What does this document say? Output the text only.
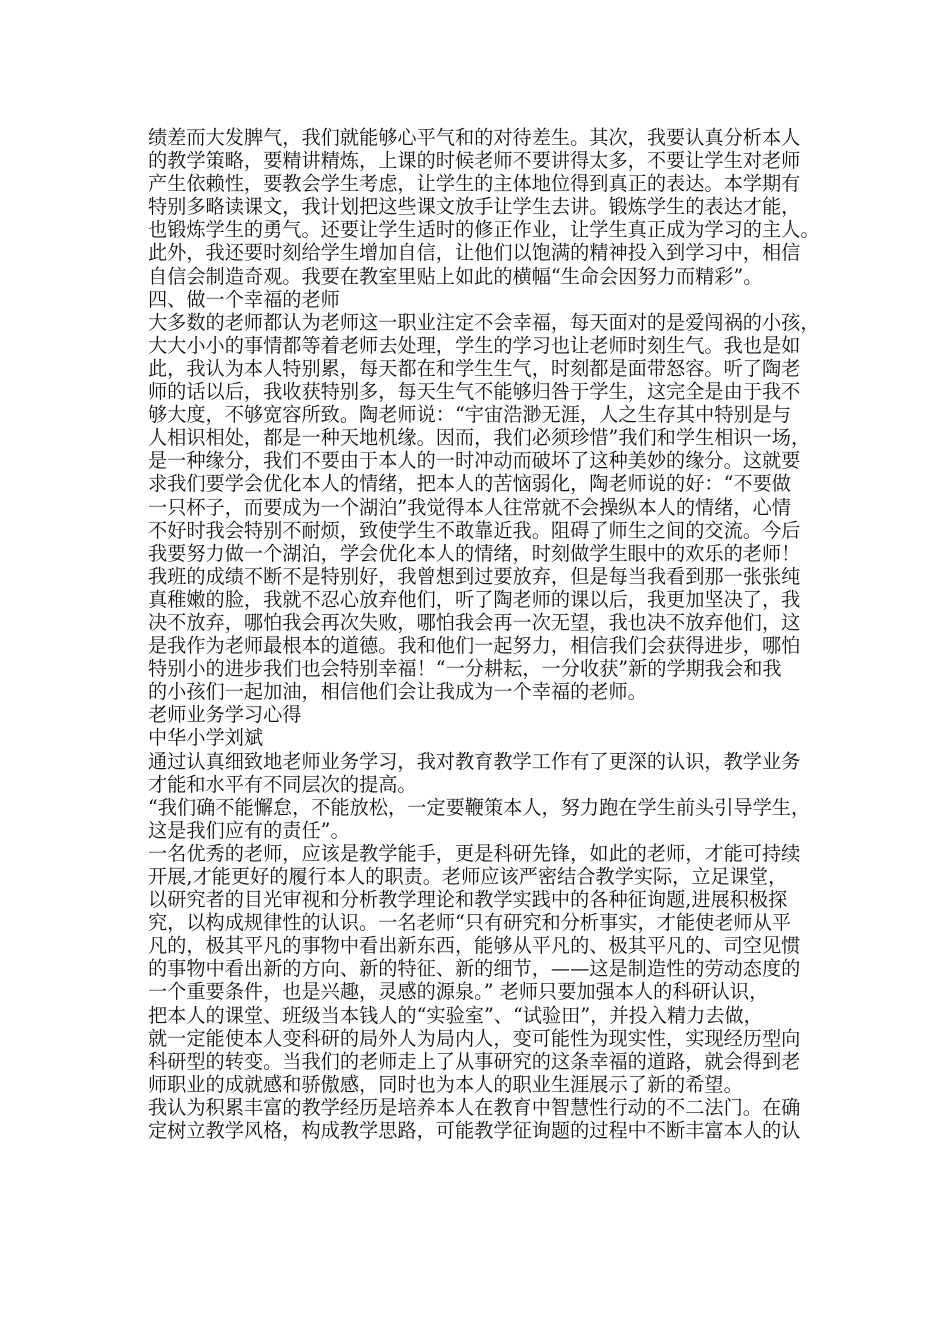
绩差而大发脾气，我们就能够心平气和的对待差生。其次，我要认真分析本人
的教学策略，要精讲精炼，上课的时候老师不要讲得太多，不要让学生对老师
产生依赖性，要教会学生考虑，让学生的主体地位得到真正的表达。本学期有
特别多略读课文，我计划把这些课文放手让学生去讲。锻炼学生的表达才能，
也锻炼学生的勇气。还要让学生适时的修正作业，让学生真正成为学习的主人。
此外，我还要时刻给学生增加自信，让他们以饱满的精神投入到学习中，相信
自信会制造奇观。我要在教室里贴上如此的横幅“生命会因努力而精彩”。
四、做一个幸福的老师
大多数的老师都认为老师这一职业注定不会幸福，每天面对的是爱闯祸的小孩，
大大小小的事情都等着老师去处理，学生的学习也让老师时刻生气。我也是如
此，我认为本人特别累，每天都在和学生生气，时刻都是面带怒容。听了陶老
师的话以后，我收获特别多，每天生气不能够归咎于学生，这完全是由于我不
够大度，不够宽容所致。陶老师说：“宇宙浩渺无涯，人之生存其中特别是与
人相识相处，都是一种天地机缘。因而，我们必须珍惜”我们和学生相识一场，
是一种缘分，我们不要由于本人的一时冲动而破坏了这种美妙的缘分。这就要
求我们要学会优化本人的情绪，把本人的苦恼弱化，陶老师说的好：“不要做
一只杯子，而要成为一个湖泊”我觉得本人往常就不会操纵本人的情绪，心情
不好时我会特别不耐烦，致使学生不敢靠近我。阻碍了师生之间的交流。今后
我要努力做一个湖泊，学会优化本人的情绪，时刻做学生眼中的欢乐的老师！
我班的成绩不断不是特别好，我曾想到过要放弃，但是每当我看到那一张张纯
真稚嫩的脸，我就不忍心放弃他们，听了陶老师的课以后，我更加坚决了，我
决不放弃，哪怕我会再次失败，哪怕我会再一次无望，我也决不放弃他们，这
是我作为老师最根本的道德。我和他们一起努力，相信我们会获得进步，哪怕
特别小的进步我们也会特别幸福！“一分耕耘，一分收获”新的学期我会和我
的小孩们一起加油，相信他们会让我成为一个幸福的老师。
老师业务学习心得
中华小学刘斌
通过认真细致地老师业务学习，我对教育教学工作有了更深的认识，教学业务
才能和水平有不同层次的提高。
“我们确不能懈怠，不能放松，一定要鞭策本人，努力跑在学生前头引导学生，
这是我们应有的责任”。
一名优秀的老师，应该是教学能手，更是科研先锋，如此的老师，才能可持续
开展,才能更好的履行本人的职责。老师应该严密结合教学实际，立足课堂，
以研究者的目光审视和分析教学理论和教学实践中的各种征询题,进展积极探
究，以构成规律性的认识。一名老师“只有研究和分析事实，才能使老师从平
凡的，极其平凡的事物中看出新东西，能够从平凡的、极其平凡的、司空见惯
的事物中看出新的方向、新的特征、新的细节，——这是制造性的劳动态度的
一个重要条件，也是兴趣，灵感的源泉。” 老师只要加强本人的科研认识，
把本人的课堂、班级当本钱人的“实验室”、“试验田”，并投入精力去做，
就一定能使本人变科研的局外人为局内人，变可能性为现实性，实现经历型向
科研型的转变。当我们的老师走上了从事研究的这条幸福的道路，就会得到老
师职业的成就感和骄傲感，同时也为本人的职业生涯展示了新的希望。
我认为积累丰富的教学经历是培养本人在教育中智慧性行动的不二法门。在确
定树立教学风格，构成教学思路，可能教学征询题的过程中不断丰富本人的认
